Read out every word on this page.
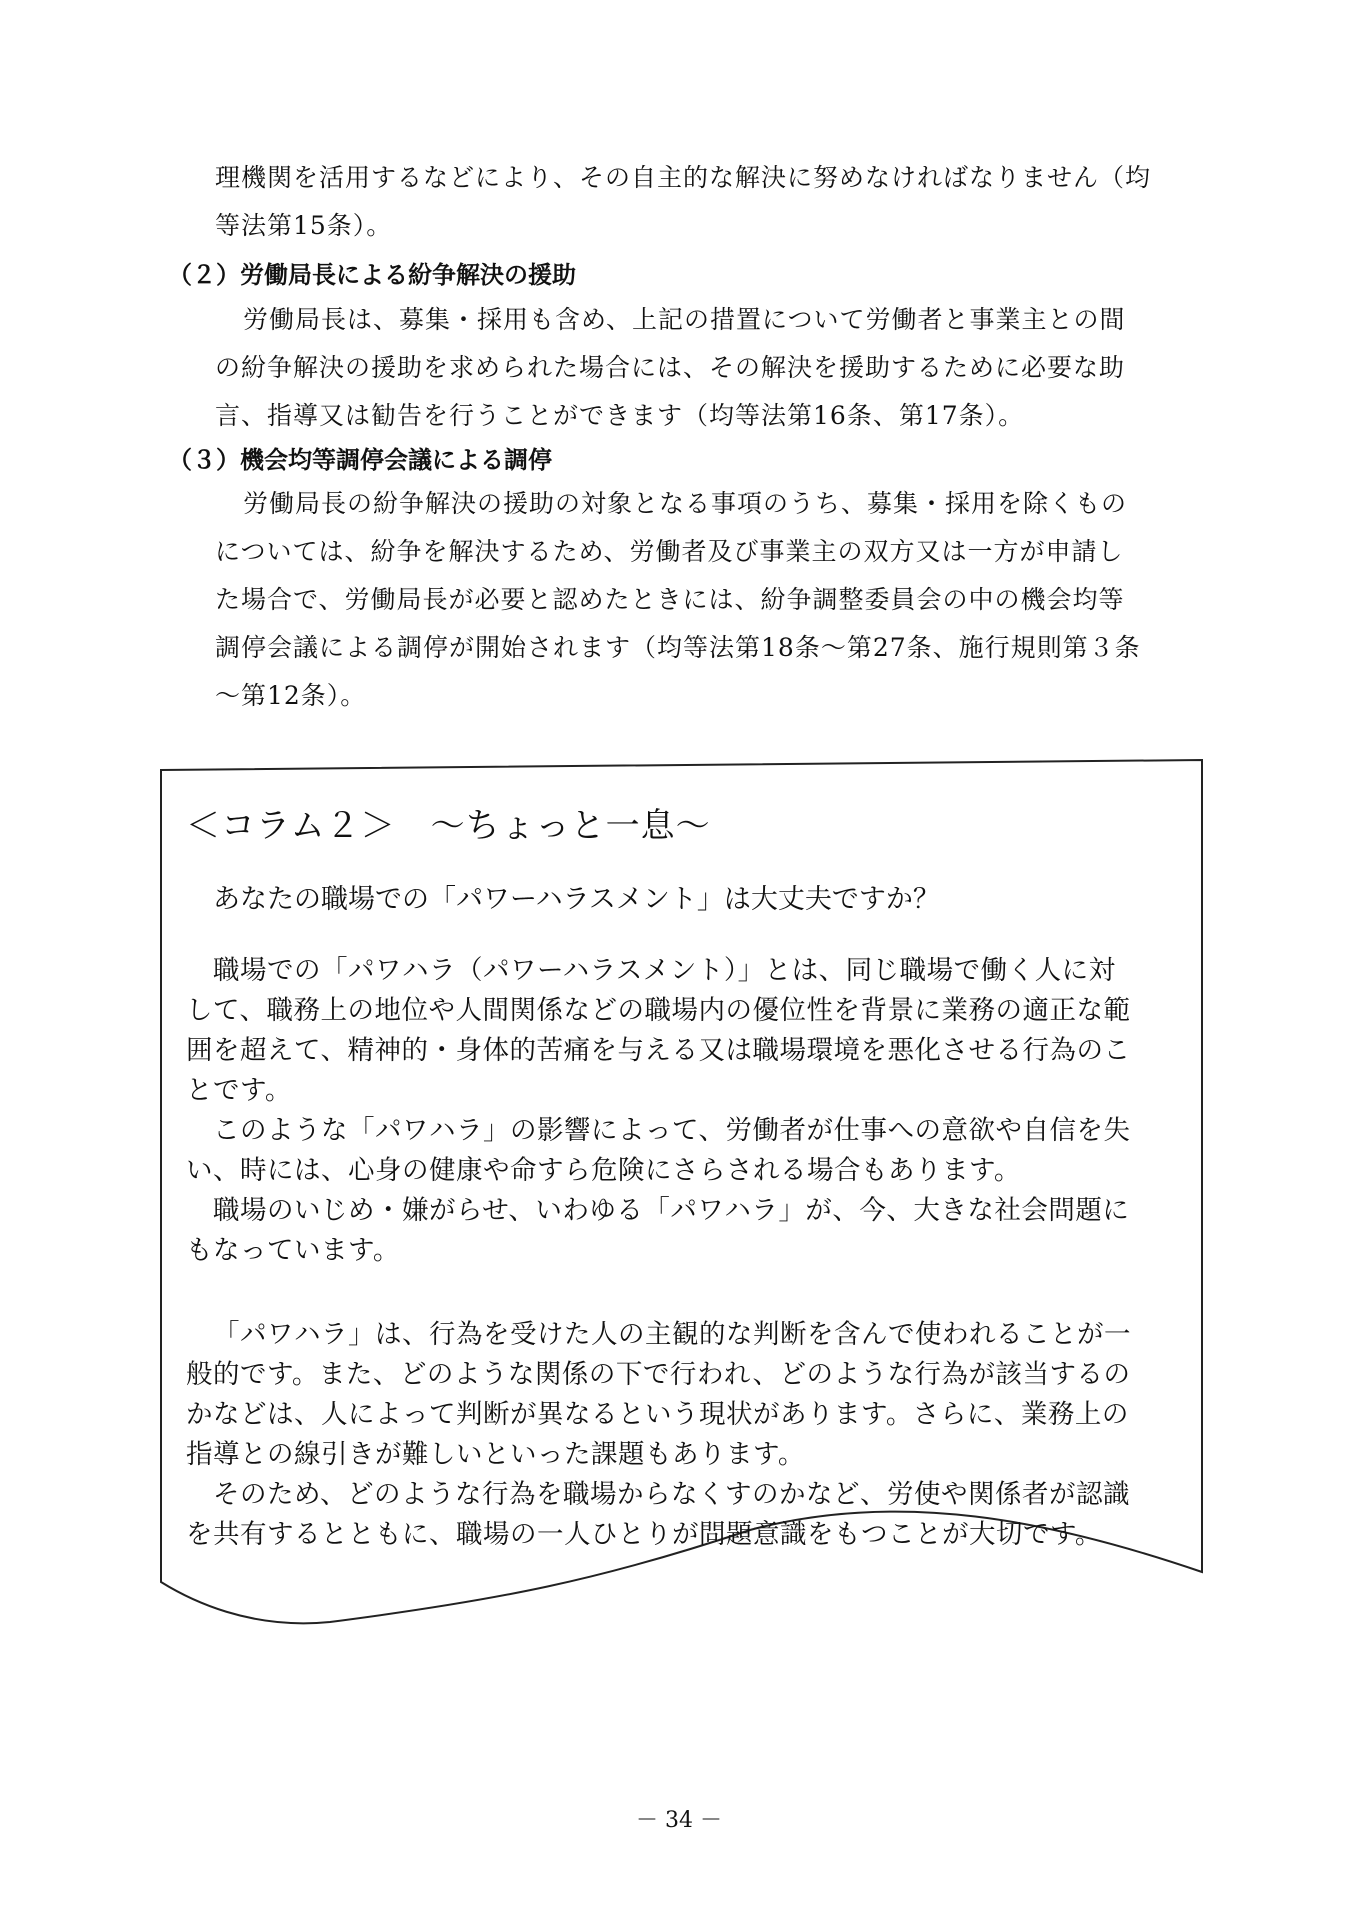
理機関を活用するなどにより、その自主的な解決に努めなければなりません（均
等法第15条）。
（２）労働局長による紛争解決の援助
労働局長は、募集・採用も含め、上記の措置について労働者と事業主との間
の紛争解決の援助を求められた場合には、その解決を援助するために必要な助
言、指導又は勧告を行うことができます（均等法第16条、第17条）。
（３）機会均等調停会議による調停
労働局長の紛争解決の援助の対象となる事項のうち、募集・採用を除くもの
については、紛争を解決するため、労働者及び事業主の双方又は一方が申請し
た場合で、労働局長が必要と認めたときには、紛争調整委員会の中の機会均等
調停会議による調停が開始されます（均等法第18条～第27条、施行規則第３条
～第12条）。
＜コラム２＞　～ちょっと一息～
あなたの職場での「パワーハラスメント」は大丈夫ですか？
職場での「パワハラ（パワーハラスメント）」とは、同じ職場で働く人に対
して、職務上の地位や人間関係などの職場内の優位性を背景に業務の適正な範
囲を超えて、精神的・身体的苦痛を与える又は職場環境を悪化させる行為のこ
とです。
このような「パワハラ」の影響によって、労働者が仕事への意欲や自信を失
い、時には、心身の健康や命すら危険にさらされる場合もあります。
職場のいじめ・嫌がらせ、いわゆる「パワハラ」が、今、大きな社会問題に
もなっています。
「パワハラ」は、行為を受けた人の主観的な判断を含んで使われることが一
般的です。また、どのような関係の下で行われ、どのような行為が該当するの
かなどは、人によって判断が異なるという現状があります。さらに、業務上の
指導との線引きが難しいといった課題もあります。
そのため、どのような行為を職場からなくすのかなど、労使や関係者が認識
を共有するとともに、職場の一人ひとりが問題意識をもつことが大切です。
－ 34 －
